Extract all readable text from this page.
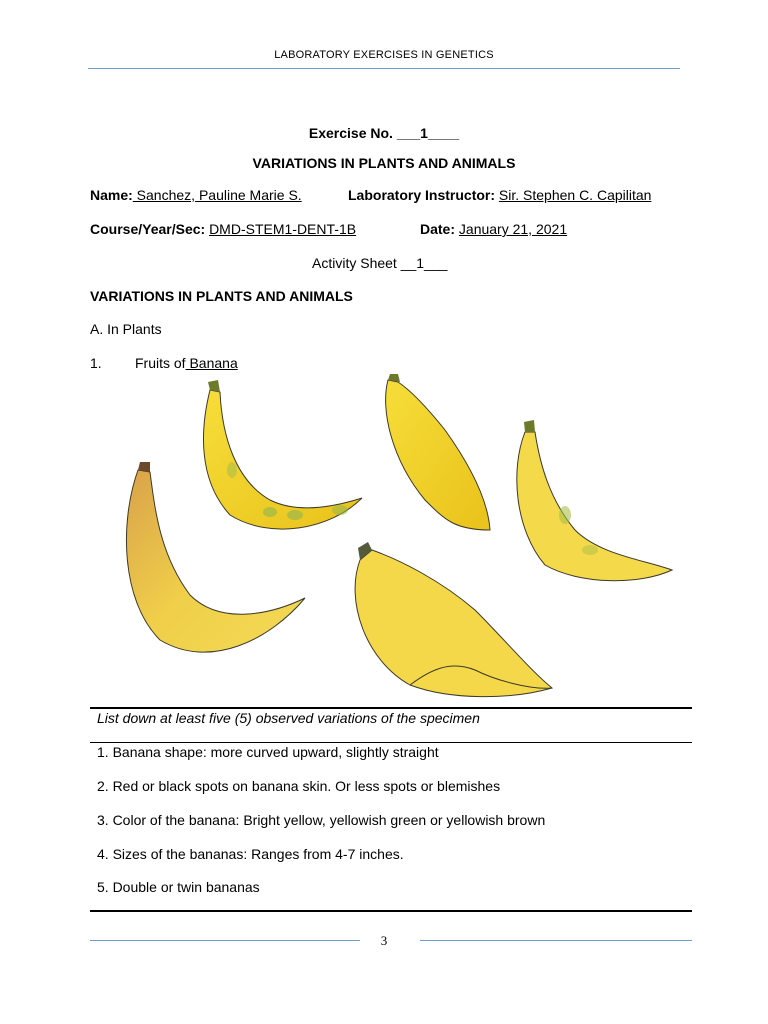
LABORATORY EXERCISES IN GENETICS
Exercise No. ___1____
VARIATIONS IN PLANTS AND ANIMALS
Name: Sanchez, Pauline Marie S.	Laboratory Instructor: Sir. Stephen C. Capilitan
Course/Year/Sec: DMD-STEM1-DENT-1B	Date: January 21, 2021
Activity Sheet __1___
VARIATIONS IN PLANTS AND ANIMALS
A. In Plants
1. Fruits of Banana
List down at least five (5) observed variations of the specimen
1. Banana shape: more curved upward, slightly straight
2. Red or black spots on banana skin. Or less spots or blemishes
3. Color of the banana: Bright yellow, yellowish green or yellowish brown
4. Sizes of the bananas: Ranges from 4-7 inches.
5. Double or twin bananas
3
